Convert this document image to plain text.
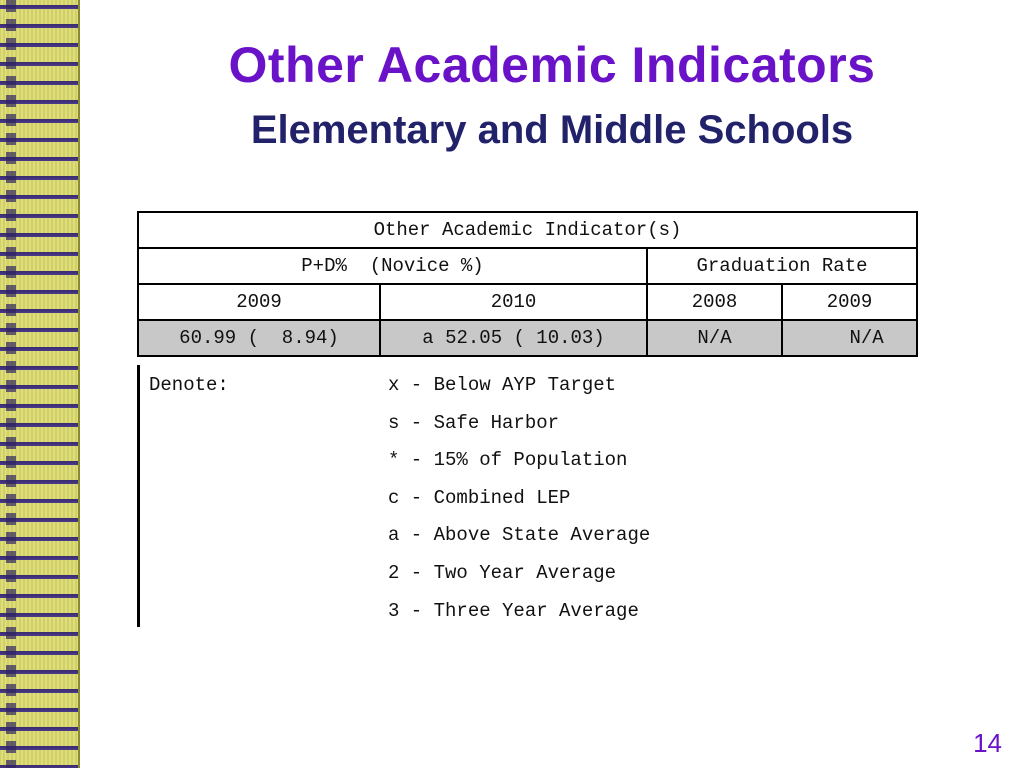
Other Academic Indicators
Elementary and Middle Schools
Other Academic Indicator(s)			
P+D%  (Novice %)		Graduation Rate	
2009	2010	2008	2009
60.99 (  8.94)	a 52.05 ( 10.03)	N/A	N/A
Denote:	x - Below AYP Target
s - Safe Harbor
* - 15% of Population
c - Combined LEP
a - Above State Average
2 - Two Year Average
3 - Three Year Average
14
